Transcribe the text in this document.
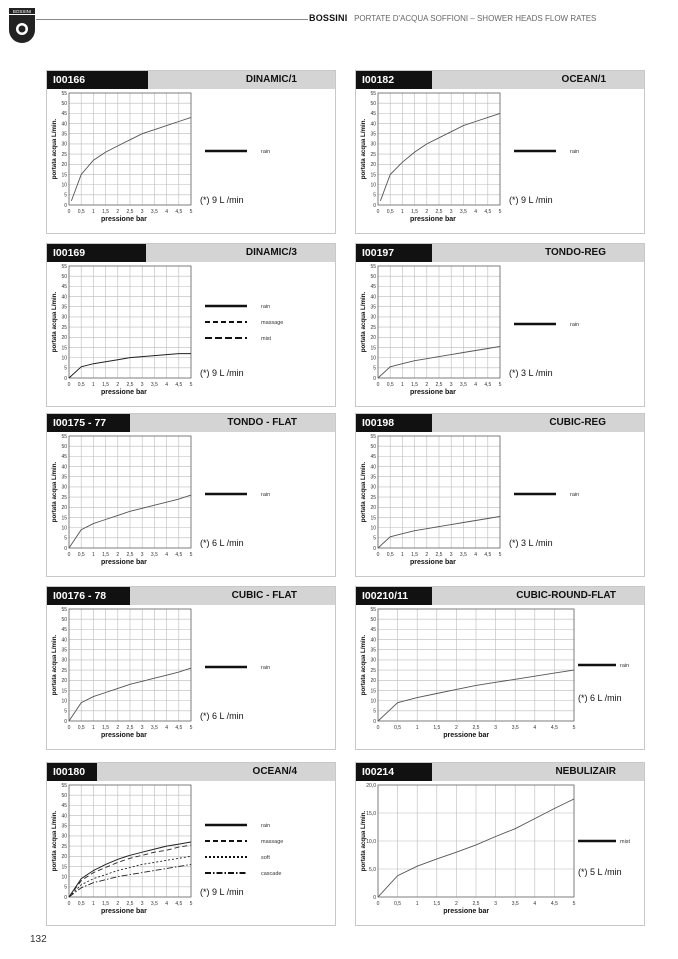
BOSSINI
BOSSINI PORTATE D'ACQUA SOFFIONI – SHOWER HEADS FLOW RATES
I00166	DINAMIC/1
0
5
10
15
20
25
30
35
40
45
50
55
0 0,5 1 1,5 2 2,5 3 3,5 4 4,5 5
pressione bar
portata acqua L/min.	rain
(*) 9 L /min
I00182	OCEAN/1
0
5
10
15
20
25
30
35
40
45
50
55
0 0,5 1 1,5 2 2,5 3 3,5 4 4,5 5
pressione bar
portata acqua L/min.	rain
(*) 9 L /min
I00169	DINAMIC/3
0
5
10
15
20
25
30
35
40
45
50
55
0 0,5 1 1,5 2 2,5 3 3,5 4 4,5 5
pressione bar
portata acqua L/min.	rain
massage
mist
(*) 9 L /min
I00197	TONDO-REG
0
5
10
15
20
25
30
35
40
45
50
55
0 0,5 1 1,5 2 2,5 3 3,5 4 4,5 5
pressione bar
portata acqua L/min.	rain
(*) 3 L /min
I00175 - 77	TONDO - FLAT
0
5
10
15
20
25
30
35
40
45
50
55
0 0,5 1 1,5 2 2,5 3 3,5 4 4,5 5
pressione bar
portata acqua L/min.	rain
(*) 6 L /min
I00198	CUBIC-REG
0
5
10
15
20
25
30
35
40
45
50
55
0 0,5 1 1,5 2 2,5 3 3,5 4 4,5 5
pressione bar
portata acqua L/min.	rain
(*) 3 L /min
I00176 - 78	CUBIC - FLAT
0
5
10
15
20
25
30
35
40
45
50
55
0 0,5 1 1,5 2 2,5 3 3,5 4 4,5 5
pressione bar
portata acqua L/min.	rain
(*) 6 L /min
I00210/11	CUBIC-ROUND-FLAT
0
5
10
15
20
25
30
35
40
45
50
55
0	0,5	1	1,5	2	2,5	3	3,5	4	4,5	5
pressione bar
portata acqua L/min.	rain
(*) 6 L /min
I00180	OCEAN/4
0
5
10
15
20
25
30
35
40
45
50
55
0 0,5 1 1,5 2 2,5 3 3,5 4 4,5 5
pressione bar
portata acqua L/min.	rain
massage
soft
cascade
(*) 9 L /min
I00214	NEBULIZAIR
0
5,0
10,0
15,0
20,0
0	0,5	1	1,5	2	2,5	3	3,5	4	4,5	5
pressione bar
portata acqua L/min.	mist
(*) 5 L /min
132
